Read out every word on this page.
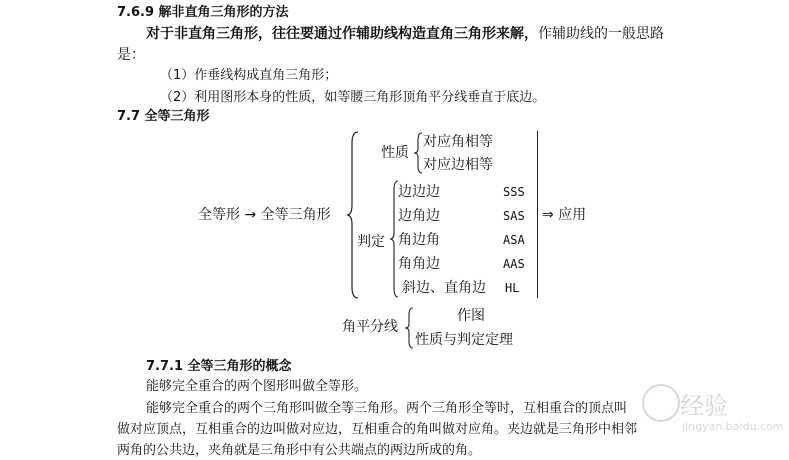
7.6.9 解非直角三角形的方法
对于非直角三角形，往往要通过作辅助线构造直角三角形来解，作辅助线的一般思路
是：
（1）作垂线构成直角三角形；
（2）利用图形本身的性质，如等腰三角形顶角平分线垂直于底边。
7.7 全等三角形
全等形 → 全等三角形
性质
对应角相等
对应边相等
判定
边边边
边角边
角边角
角角边
斜边、直角边
SSS
SAS
ASA
AAS
HL
⇒ 应用
角平分线
作图
性质与判定定理
7.7.1 全等三角形的概念
能够完全重合的两个图形叫做全等形。
能够完全重合的两个三角形叫做全等三角形。两个三角形全等时，互相重合的顶点叫
做对应顶点，互相重合的边叫做对应边，互相重合的角叫做对应角。夹边就是三角形中相邻
两角的公共边，夹角就是三角形中有公共端点的两边所成的角。
经验
jingyan.baidu.com
